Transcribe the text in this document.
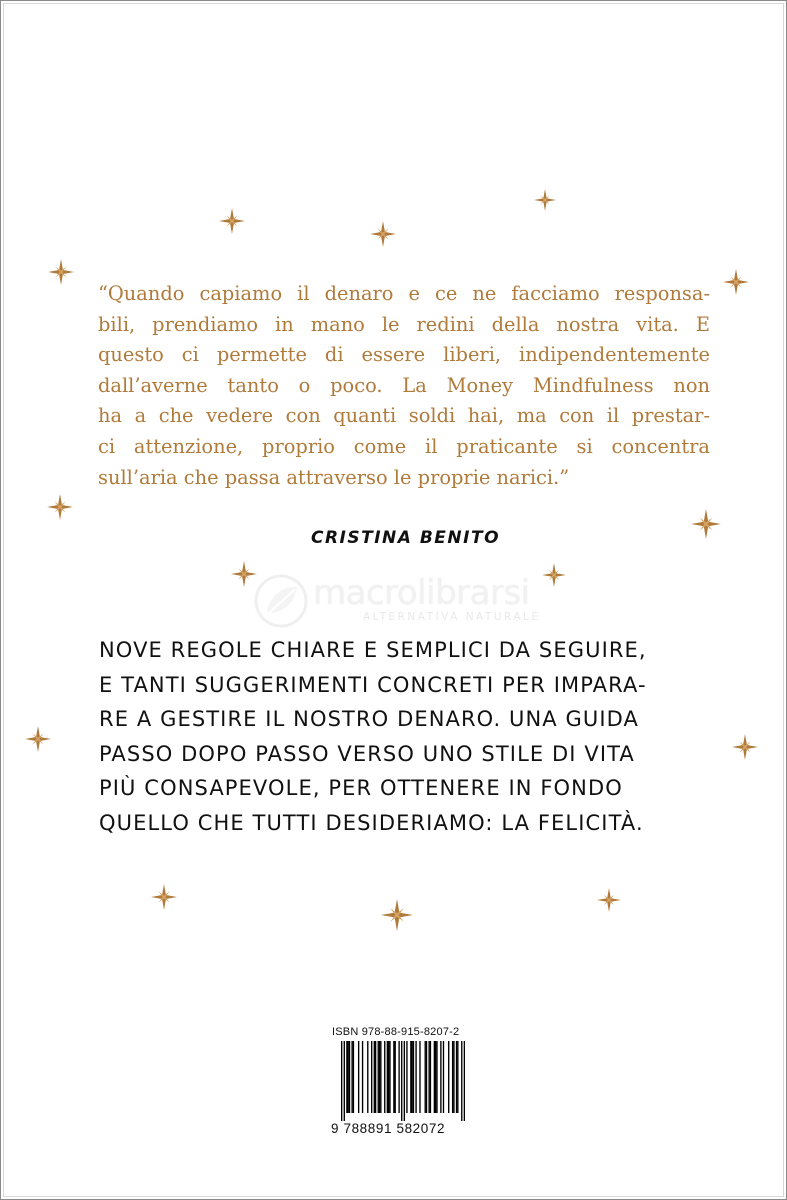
“Quando capiamo il denaro e ce ne facciamo responsa-
bili, prendiamo in mano le redini della nostra vita. E
questo ci permette di essere liberi, indipendentemente
dall’averne tanto o poco. La Money Mindfulness non
ha a che vedere con quanti soldi hai, ma con il prestar-
ci attenzione, proprio come il praticante si concentra
sull’aria che passa attraverso le proprie narici.”
CRISTINA BENITO
macrolibrarsi
ALTERNATIVA NATURALE
NOVE REGOLE CHIARE E SEMPLICI DA SEGUIRE,
E TANTI SUGGERIMENTI CONCRETI PER IMPARA-
RE A GESTIRE IL NOSTRO DENARO. UNA GUIDA
PASSO DOPO PASSO VERSO UNO STILE DI VITA
PIÙ CONSAPEVOLE, PER OTTENERE IN FONDO
QUELLO CHE TUTTI DESIDERIAMO: LA FELICITÀ.
ISBN 978-88-915-8207-2
9 788891 582072
